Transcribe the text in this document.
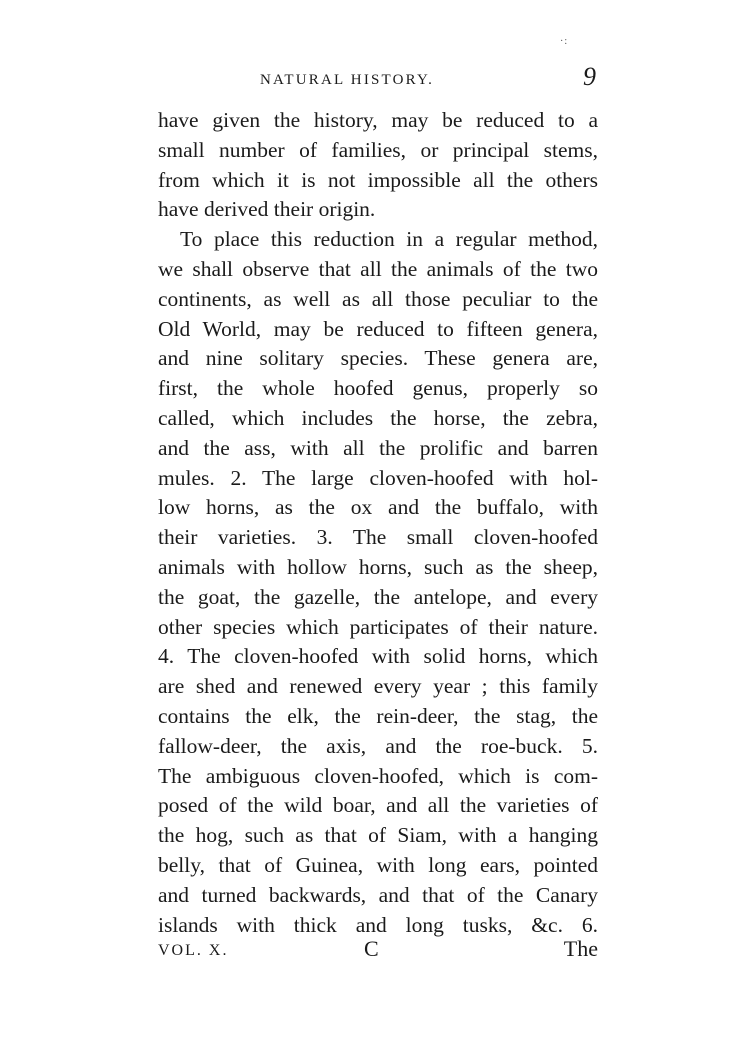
·:
NATURAL HISTORY.	9
have given the history, may be reduced to a
small number of families, or principal stems,
from which it is not impossible all the others
have derived their origin.
To place this reduction in a regular method,
we shall observe that all the animals of the two
continents, as well as all those peculiar to the
Old World, may be reduced to fifteen genera,
and nine solitary species. These genera are,
first, the whole hoofed genus, properly so
called, which includes the horse, the zebra,
and the ass, with all the prolific and barren
mules. 2. The large cloven-hoofed with hol-
low horns, as the ox and the buffalo, with
their varieties. 3. The small cloven-hoofed
animals with hollow horns, such as the sheep,
the goat, the gazelle, the antelope, and every
other species which participates of their nature.
4. The cloven-hoofed with solid horns, which
are shed and renewed every year ; this family
contains the elk, the rein-deer, the stag, the
fallow-deer, the axis, and the roe-buck. 5.
The ambiguous cloven-hoofed, which is com-
posed of the wild boar, and all the varieties of
the hog, such as that of Siam, with a hanging
belly, that of Guinea, with long ears, pointed
and turned backwards, and that of the Canary
islands with thick and long tusks, &c. 6.
VOL. X.	C	The
